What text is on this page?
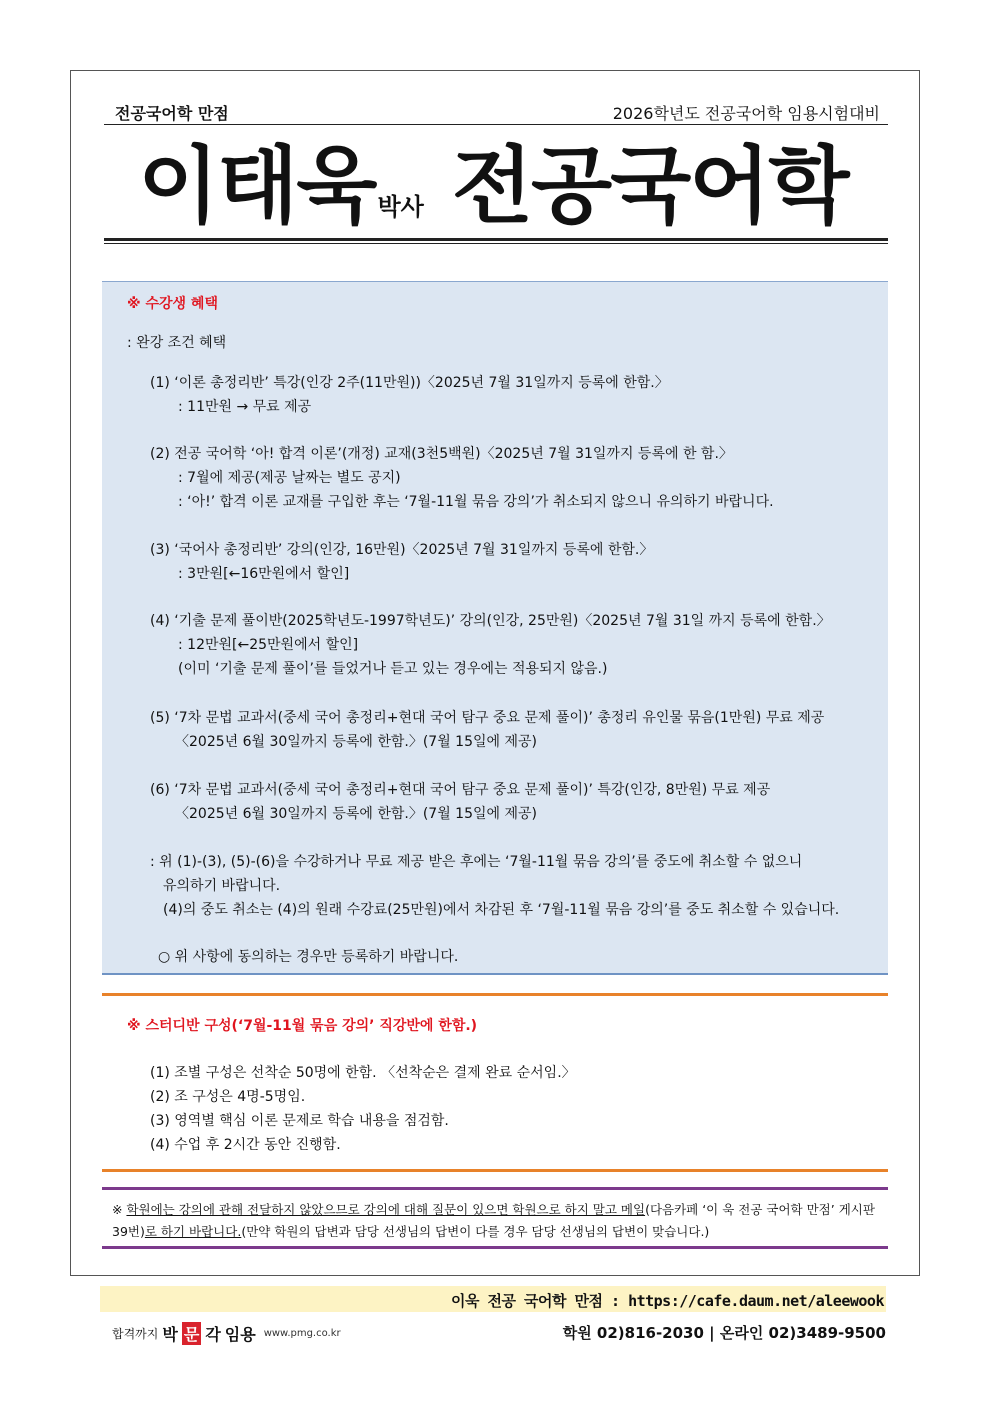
전공국어학 만점	2026학년도 전공국어학 임용시험대비
이태욱박사 전공국어학
※ 수강생 혜택
: 완강 조건 혜택
(1) ‘이론 총정리반’ 특강(인강 2주(11만원))〈2025년 7월 31일까지 등록에 한함.〉
: 11만원 → 무료 제공
(2) 전공 국어학 ‘아! 합격 이론’(개정) 교재(3천5백원)〈2025년 7월 31일까지 등록에 한 함.〉
: 7월에 제공(제공 날짜는 별도 공지)
: ‘아!’ 합격 이론 교재를 구입한 후는 ‘7월-11월 묶음 강의’가 취소되지 않으니 유의하기 바랍니다.
(3) ‘국어사 총정리반’ 강의(인강, 16만원)〈2025년 7월 31일까지 등록에 한함.〉
: 3만원[←16만원에서 할인]
(4) ‘기출 문제 풀이반(2025학년도-1997학년도)’ 강의(인강, 25만원)〈2025년 7월 31일 까지 등록에 한함.〉
: 12만원[←25만원에서 할인]
(이미 ‘기출 문제 풀이’를 들었거나 듣고 있는 경우에는 적용되지 않음.)
(5) ‘7차 문법 교과서(중세 국어 총정리+현대 국어 탐구 중요 문제 풀이)’ 총정리 유인물 묶음(1만원) 무료 제공
〈2025년 6월 30일까지 등록에 한함.〉(7월 15일에 제공)
(6) ‘7차 문법 교과서(중세 국어 총정리+현대 국어 탐구 중요 문제 풀이)’ 특강(인강, 8만원) 무료 제공
〈2025년 6월 30일까지 등록에 한함.〉(7월 15일에 제공)
: 위 (1)-(3), (5)-(6)을 수강하거나 무료 제공 받은 후에는 ‘7월-11월 묶음 강의’를 중도에 취소할 수 없으니
유의하기 바랍니다.
(4)의 중도 취소는 (4)의 원래 수강료(25만원)에서 차감된 후 ‘7월-11월 묶음 강의’를 중도 취소할 수 있습니다.
○ 위 사항에 동의하는 경우만 등록하기 바랍니다.
※ 스터디반 구성(‘7월-11월 묶음 강의’ 직강반에 한함.)
(1) 조별 구성은 선착순 50명에 한함. 〈선착순은 결제 완료 순서임.〉
(2) 조 구성은 4명-5명임.
(3) 영역별 핵심 이론 문제로 학습 내용을 점검함.
(4) 수업 후 2시간 동안 진행함.
※ 학원에는 강의에 관해 전달하지 않았으므로 강의에 대해 질문이 있으면 학원으로 하지 말고 메일(다음카페 ‘이 욱 전공 국어학 만점’ 게시판 39번)로 하기 바랍니다.(만약 학원의 답변과 담당 선생님의 답변이 다를 경우 담당 선생님의 답변이 맞습니다.)
이욱 전공 국어학 만점 : https://cafe.daum.net/aleewook
합격까지 박 문 각 임용 www.pmg.co.kr	학원 02)816-2030 | 온라인 02)3489-9500
